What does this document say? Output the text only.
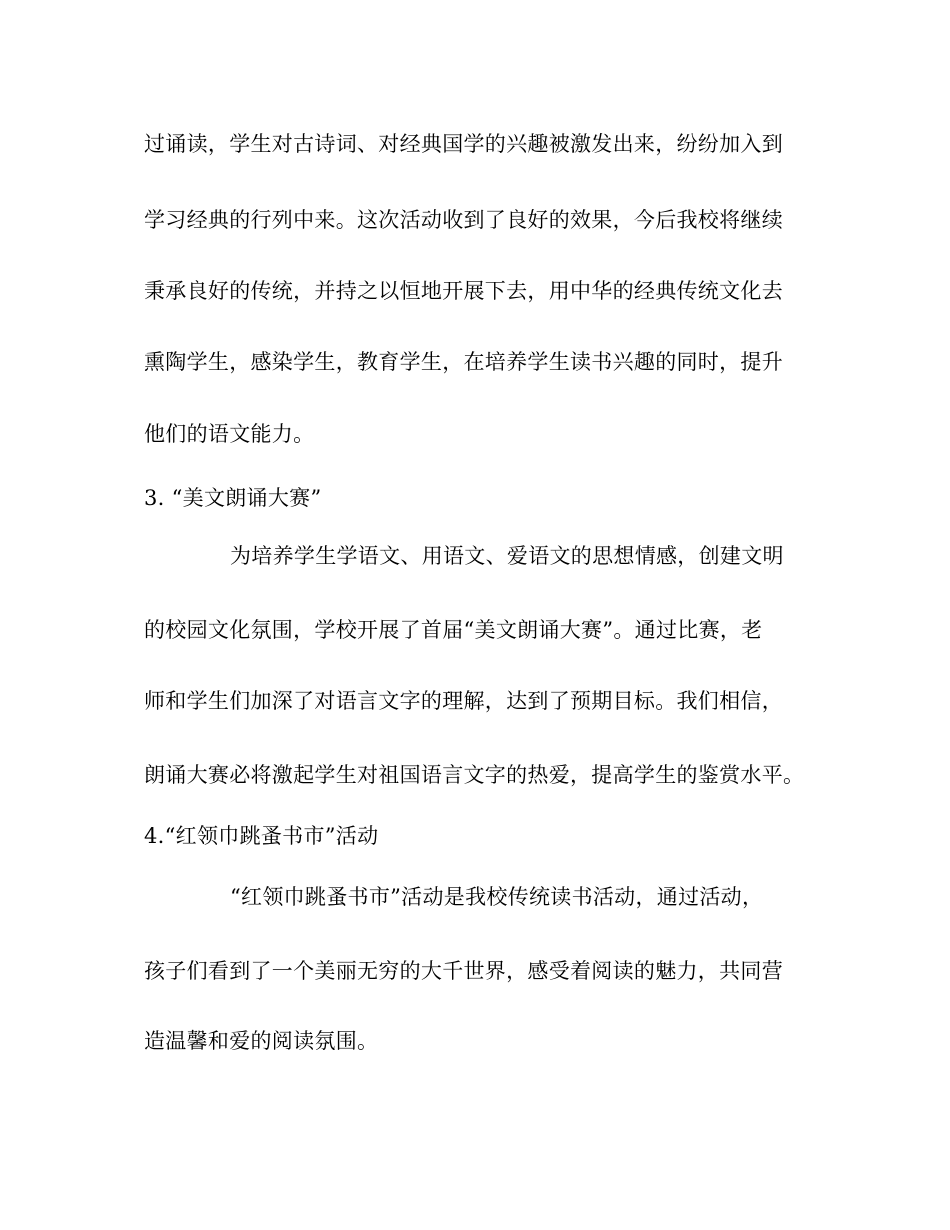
过诵读，学生对古诗词、对经典国学的兴趣被激发出来，纷纷加入到
学习经典的行列中来。这次活动收到了良好的效果，今后我校将继续
秉承良好的传统，并持之以恒地开展下去，用中华的经典传统文化去
熏陶学生，感染学生，教育学生，在培养学生读书兴趣的同时，提升
他们的语文能力。
3. “美文朗诵大赛”
为培养学生学语文、用语文、爱语文的思想情感，创建文明
的校园文化氛围，学校开展了首届“美文朗诵大赛”。通过比赛，老
师和学生们加深了对语言文字的理解，达到了预期目标。我们相信，
朗诵大赛必将激起学生对祖国语言文字的热爱，提高学生的鉴赏水平。
4.“红领巾跳蚤书市”活动
“红领巾跳蚤书市”活动是我校传统读书活动，通过活动，
孩子们看到了一个美丽无穷的大千世界，感受着阅读的魅力，共同营
造温馨和爱的阅读氛围。
